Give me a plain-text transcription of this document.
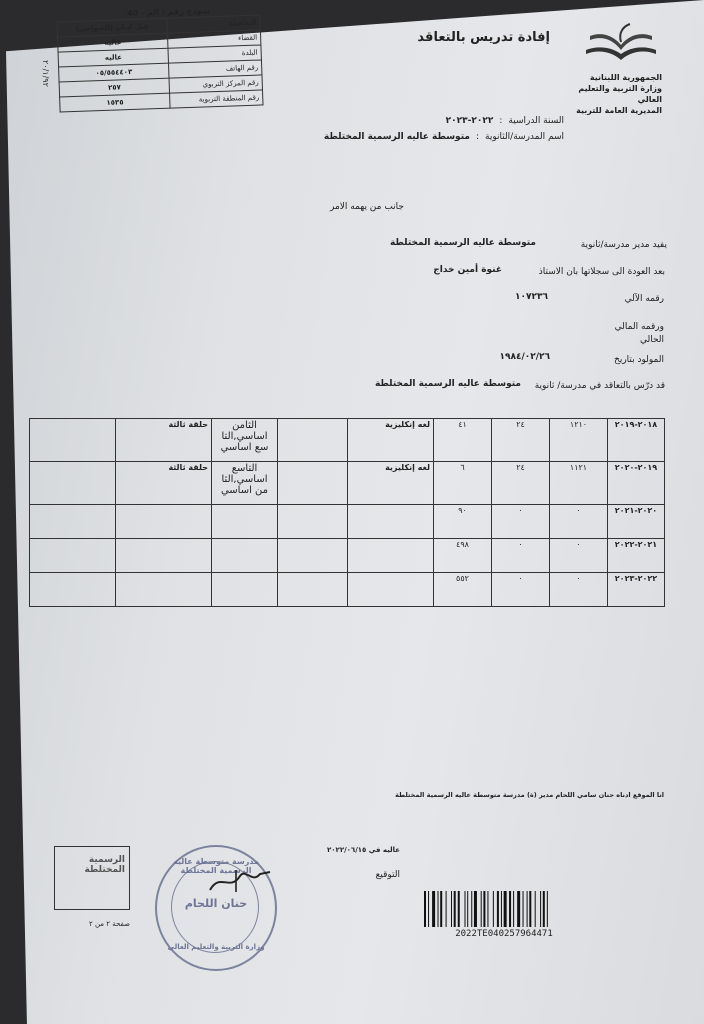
نموذج رقم : الم - 40
جبل لبنان (الضواحي)	المحافظة
عاليه	القضاء
عاليه	البلدة
٠٥/٥٥٤٤٠٣	رقم الهاتف
٢٥٧	رقم المركز التربوي
١٥٣٥	رقم المنطقة التربوية
٢٠/١/٩٢	الجمهورية اللبنانية
وزارة التربية والتعليم العالي
المديرية العامة للتربية
إفادة تدريس بالتعاقد
السنة الدراسية
:
٢٠٢٢-٢٠٢٣
اسم المدرسة/الثانوية
:
متوسطة عاليه الرسمية المختلطة
جانب من يهمه الامر
يفيد مدير مدرسة/ثانوية
متوسطة عاليه الرسمية المختلطة
بعد العودة الى سجلاتها بان الاستاذ
غنوة أمين خداج
رقمه الآلي
١٠٧٢٣٦
ورقمه المالي
الحالي
المولود بتاريخ
١٩٨٤/٠٢/٢٦
قد درّس بالتعاقد في مدرسة/ ثانوية
متوسطة عاليه الرسمية المختلطة
	حلقة ثالثة	الثامن اساسي,التا سع اساسي		لغه إنكليزية	٤١	٢٤	١٢١٠	٢٠١٨-٢٠١٩
	حلقة ثالثة	التاسع اساسي,الثا من اساسي		لغه إنكليزية	٦	٢٤	١١٢١	٢٠١٩-٢٠٢٠
					٩٠	٠	٠	٢٠٢٠-٢٠٢١
					٤٩٨	٠	٠	٢٠٢١-٢٠٢٢
					٥٥٢	٠	٠	٢٠٢٢-٢٠٢٣
انا الموقع ادناه حنان سامي اللحام مدير (ة) مدرسة متوسطة عاليه الرسمية المختلطة
عاليه في ٢٠٢٢/٠٦/١٥
التوقيع
الرسمية المختلطة
صفحة ٢ من ٢
مدرسة متوسطة عاليه الرسمية المختلطة
حنان اللحام
وزارة التربية والتعليم العالي
2022TE040257964471
